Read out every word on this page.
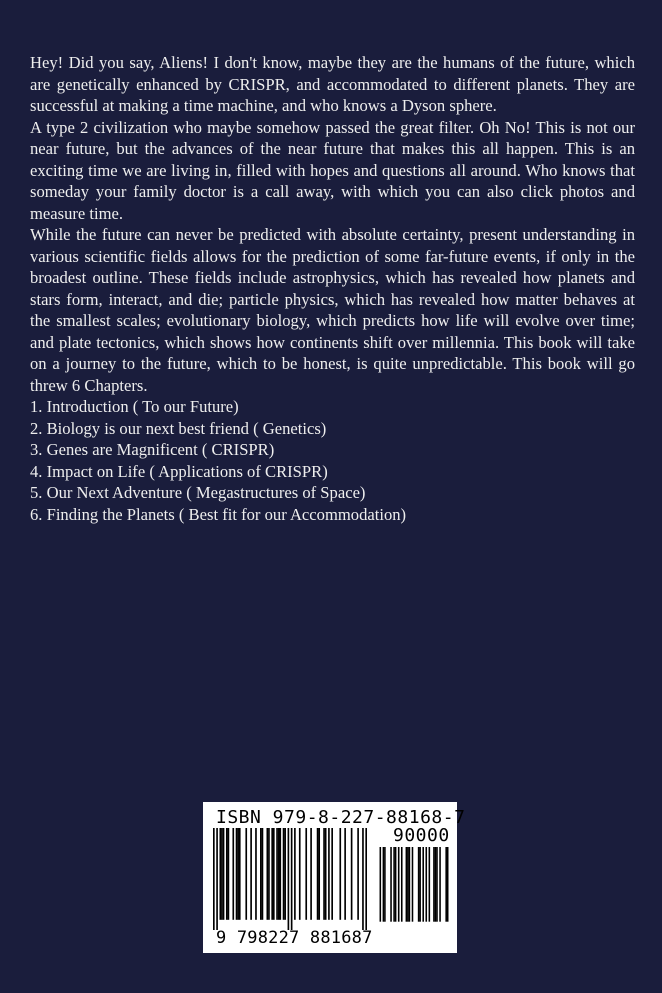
Hey! Did you say, Aliens! I don't know, maybe they are the humans of the future, which are genetically enhanced by CRISPR, and accommodated to different planets. They are successful at making a time machine, and who knows a Dyson sphere.

A type 2 civilization who maybe somehow passed the great filter. Oh No! This is not our near future, but the advances of the near future that makes this all happen. This is an exciting time we are living in, filled with hopes and questions all around. Who knows that someday your family doctor is a call away, with which you can also click photos and measure time.

While the future can never be predicted with absolute certainty, present understanding in various scientific fields allows for the prediction of some far-future events, if only in the broadest outline. These fields include astrophysics, which has revealed how planets and stars form, interact, and die; particle physics, which has revealed how matter behaves at the smallest scales; evolutionary biology, which predicts how life will evolve over time; and plate tectonics, which shows how continents shift over millennia. This book will take on a journey to the future, which to be honest, is quite unpredictable. This book will go threw 6 Chapters.

1. Introduction ( To our Future)
2. Biology is our next best friend ( Genetics)
3. Genes are Magnificent ( CRISPR)
4. Impact on Life ( Applications of CRISPR)
5. Our Next Adventure ( Megastructures of Space)
6. Finding the Planets ( Best fit for our Accommodation)
ISBN 979-8-227-88168-7
90000
9 798227 881687
